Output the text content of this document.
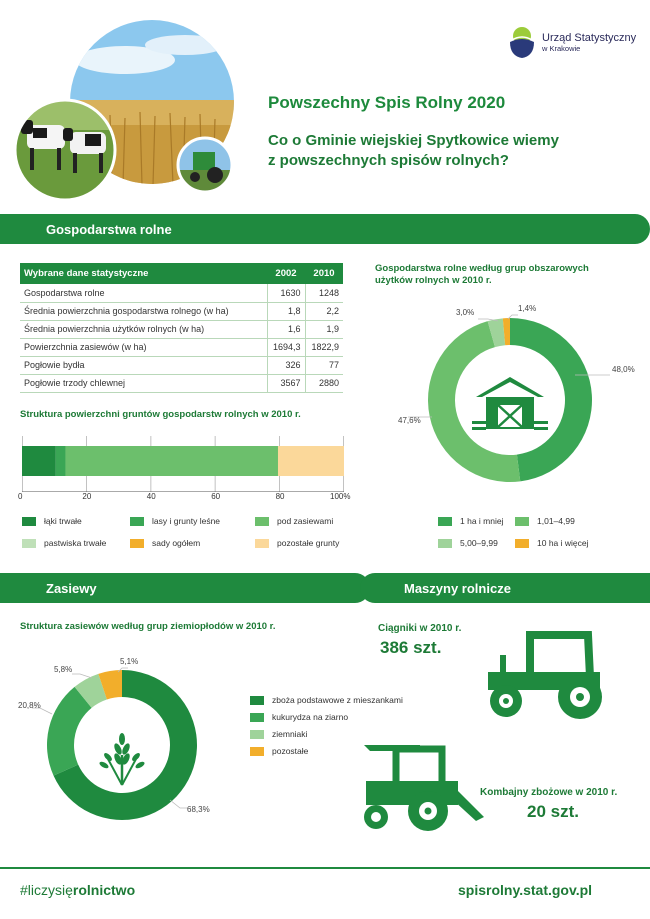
Urząd Statystyczny
w Krakowie
Powszechny Spis Rolny 2020
Co o Gminie wiejskiej Spytkowice wiemy
z powszechnych spisów rolnych?
Gospodarstwa rolne
Wybrane dane statystyczne	2002	2010
Gospodarstwa rolne	1630	1248
Średnia powierzchnia gospodarstwa rolnego (w ha)	1,8	2,2
Średnia powierzchnia użytków rolnych (w ha)	1,6	1,9
Powierzchnia zasiewów (w ha)	1694,3	1822,9
Pogłowie bydła	326	77
Pogłowie trzody chlewnej	3567	2880
Struktura powierzchni gruntów gospodarstw rolnych w 2010 r.
0	20	40	60	80	100%
łąki trwałe	lasy i grunty leśne	pod zasiewami
pastwiska trwałe	sady ogółem	pozostałe grunty
Gospodarstwa rolne według grup obszarowych
użytków rolnych w 2010 r.
48,0%
47,6%
3,0%	1,4%
1 ha i mniej	1,01–4,99
5,00–9,99	10 ha i więcej
Zasiewy	Maszyny rolnicze
Struktura zasiewów według grup ziemiopłodów w 2010 r.
68,3%
20,8%
5,8%
5,1%
zboża podstawowe z mieszankami
kukurydza na ziarno
ziemniaki
pozostałe
Ciągniki w 2010 r.
386 szt.
Kombajny zbożowe w 2010 r.
20 szt.
#liczysięrolnictwo	spisrolny.stat.gov.pl
